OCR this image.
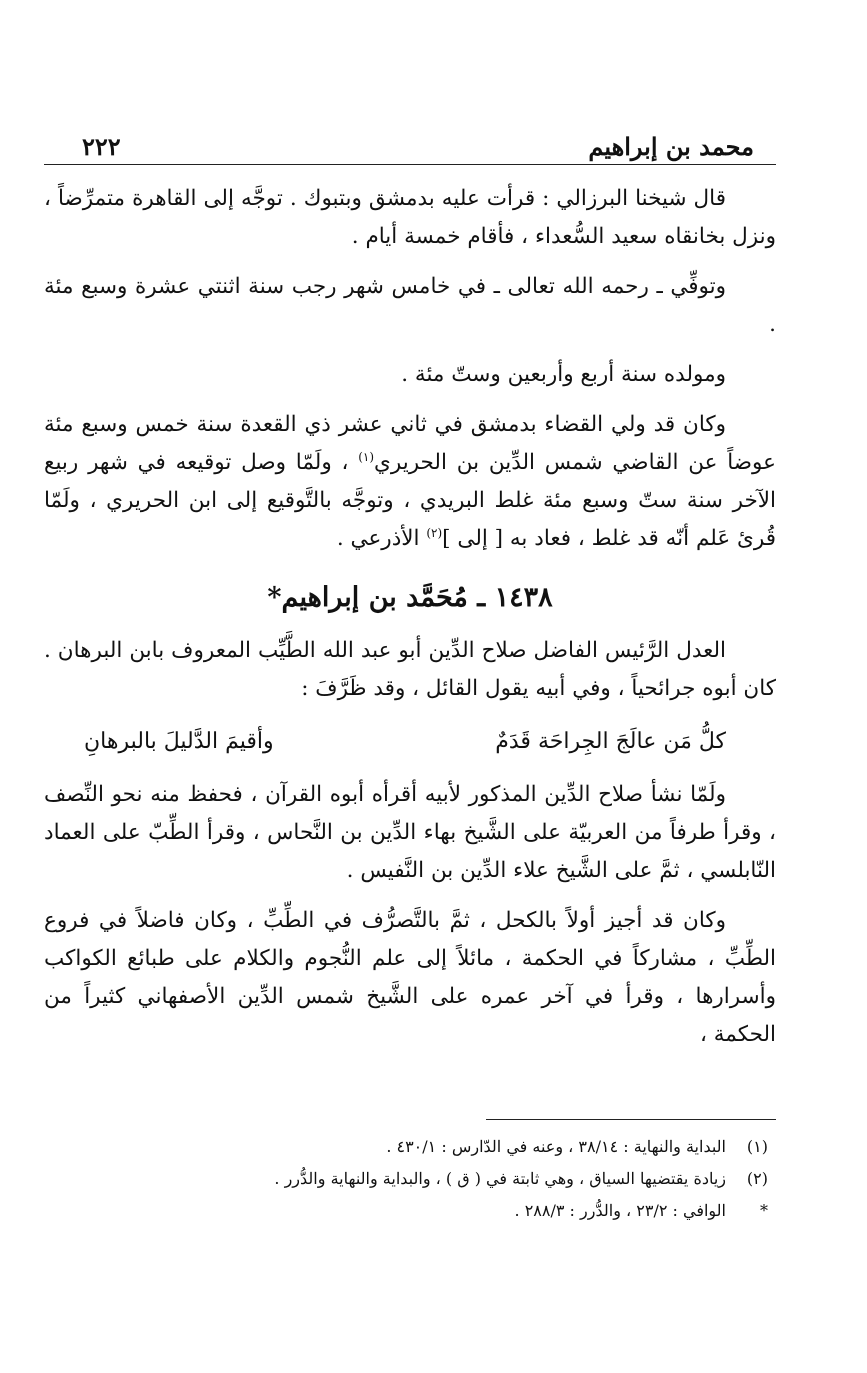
محمد بن إبراهيم
٢٢٢

قال شيخنا البرزالي : قرأت عليه بدمشق وبتبوك . توجَّه إلى القاهرة متمرِّضاً ، ونزل بخانقاه سعيد السُّعداء ، فأقام خمسة أيام .

وتوفِّي ـ رحمه الله تعالى ـ في خامس شهر رجب سنة اثنتي عشرة وسبع مئة .

ومولده سنة أربع وأربعين وستّ مئة .

وكان قد ولي القضاء بدمشق في ثاني عشر ذي القعدة سنة خمس وسبع مئة عوضاً عن القاضي شمس الدِّين بن الحريري$^{(١)}$ ، ولَمّا وصل توقيعه في شهر ربيع الآخر سنة ستّ وسبع مئة غلط البريدي ، وتوجَّه بالتَّوقيع إلى ابن الحريري ، ولَمّا قُرئ عَلم أنّه قد غلط ، فعاد به [ إلى ]$^{(٢)}$ الأذرعي .

١٤٣٨ ـ مُحَمَّد بن إبراهيم*

العدل الرَّئيس الفاضل صلاح الدِّين أبو عبد الله الطَّيِّب المعروف بابن البرهان . كان أبوه جرائحياً ، وفي أبيه يقول القائل ، وقد ظَرَّفَ :

كلُّ مَن عالَجَ الجِراحَة قَدَمٌ
وأقيمَ الدَّليلَ بالبرهانِ

ولَمّا نشأ صلاح الدِّين المذكور لأبيه أقرأه أبوه القرآن ، فحفظ منه نحو النِّصف ، وقرأ طرفاً من العربيّة على الشَّيخ بهاء الدِّين بن النَّحاس ، وقرأ الطِّبّ على العماد النّابلسي ، ثمَّ على الشَّيخ علاء الدِّين بن النَّفيس .

وكان قد أجيز أولاً بالكحل ، ثمَّ بالتَّصرُّف في الطِّبِّ ، وكان فاضلاً في فروع الطِّبِّ ، مشاركاً في الحكمة ، مائلاً إلى علم النُّجوم والكلام على طبائع الكواكب وأسرارها ، وقرأ في آخر عمره على الشَّيخ شمس الدِّين الأصفهاني كثيراً من الحكمة ،

(١)
البداية والنهاية : ٣٨/١٤ ، وعنه في الدّارس : ٤٣٠/١ .
(٢)
زيادة يقتضيها السياق ، وهي ثابتة في ( ق ) ، والبداية والنهاية والدُّرر .
*
الوافي : ٢٣/٢ ، والدُّرر : ٢٨٨/٣ .
